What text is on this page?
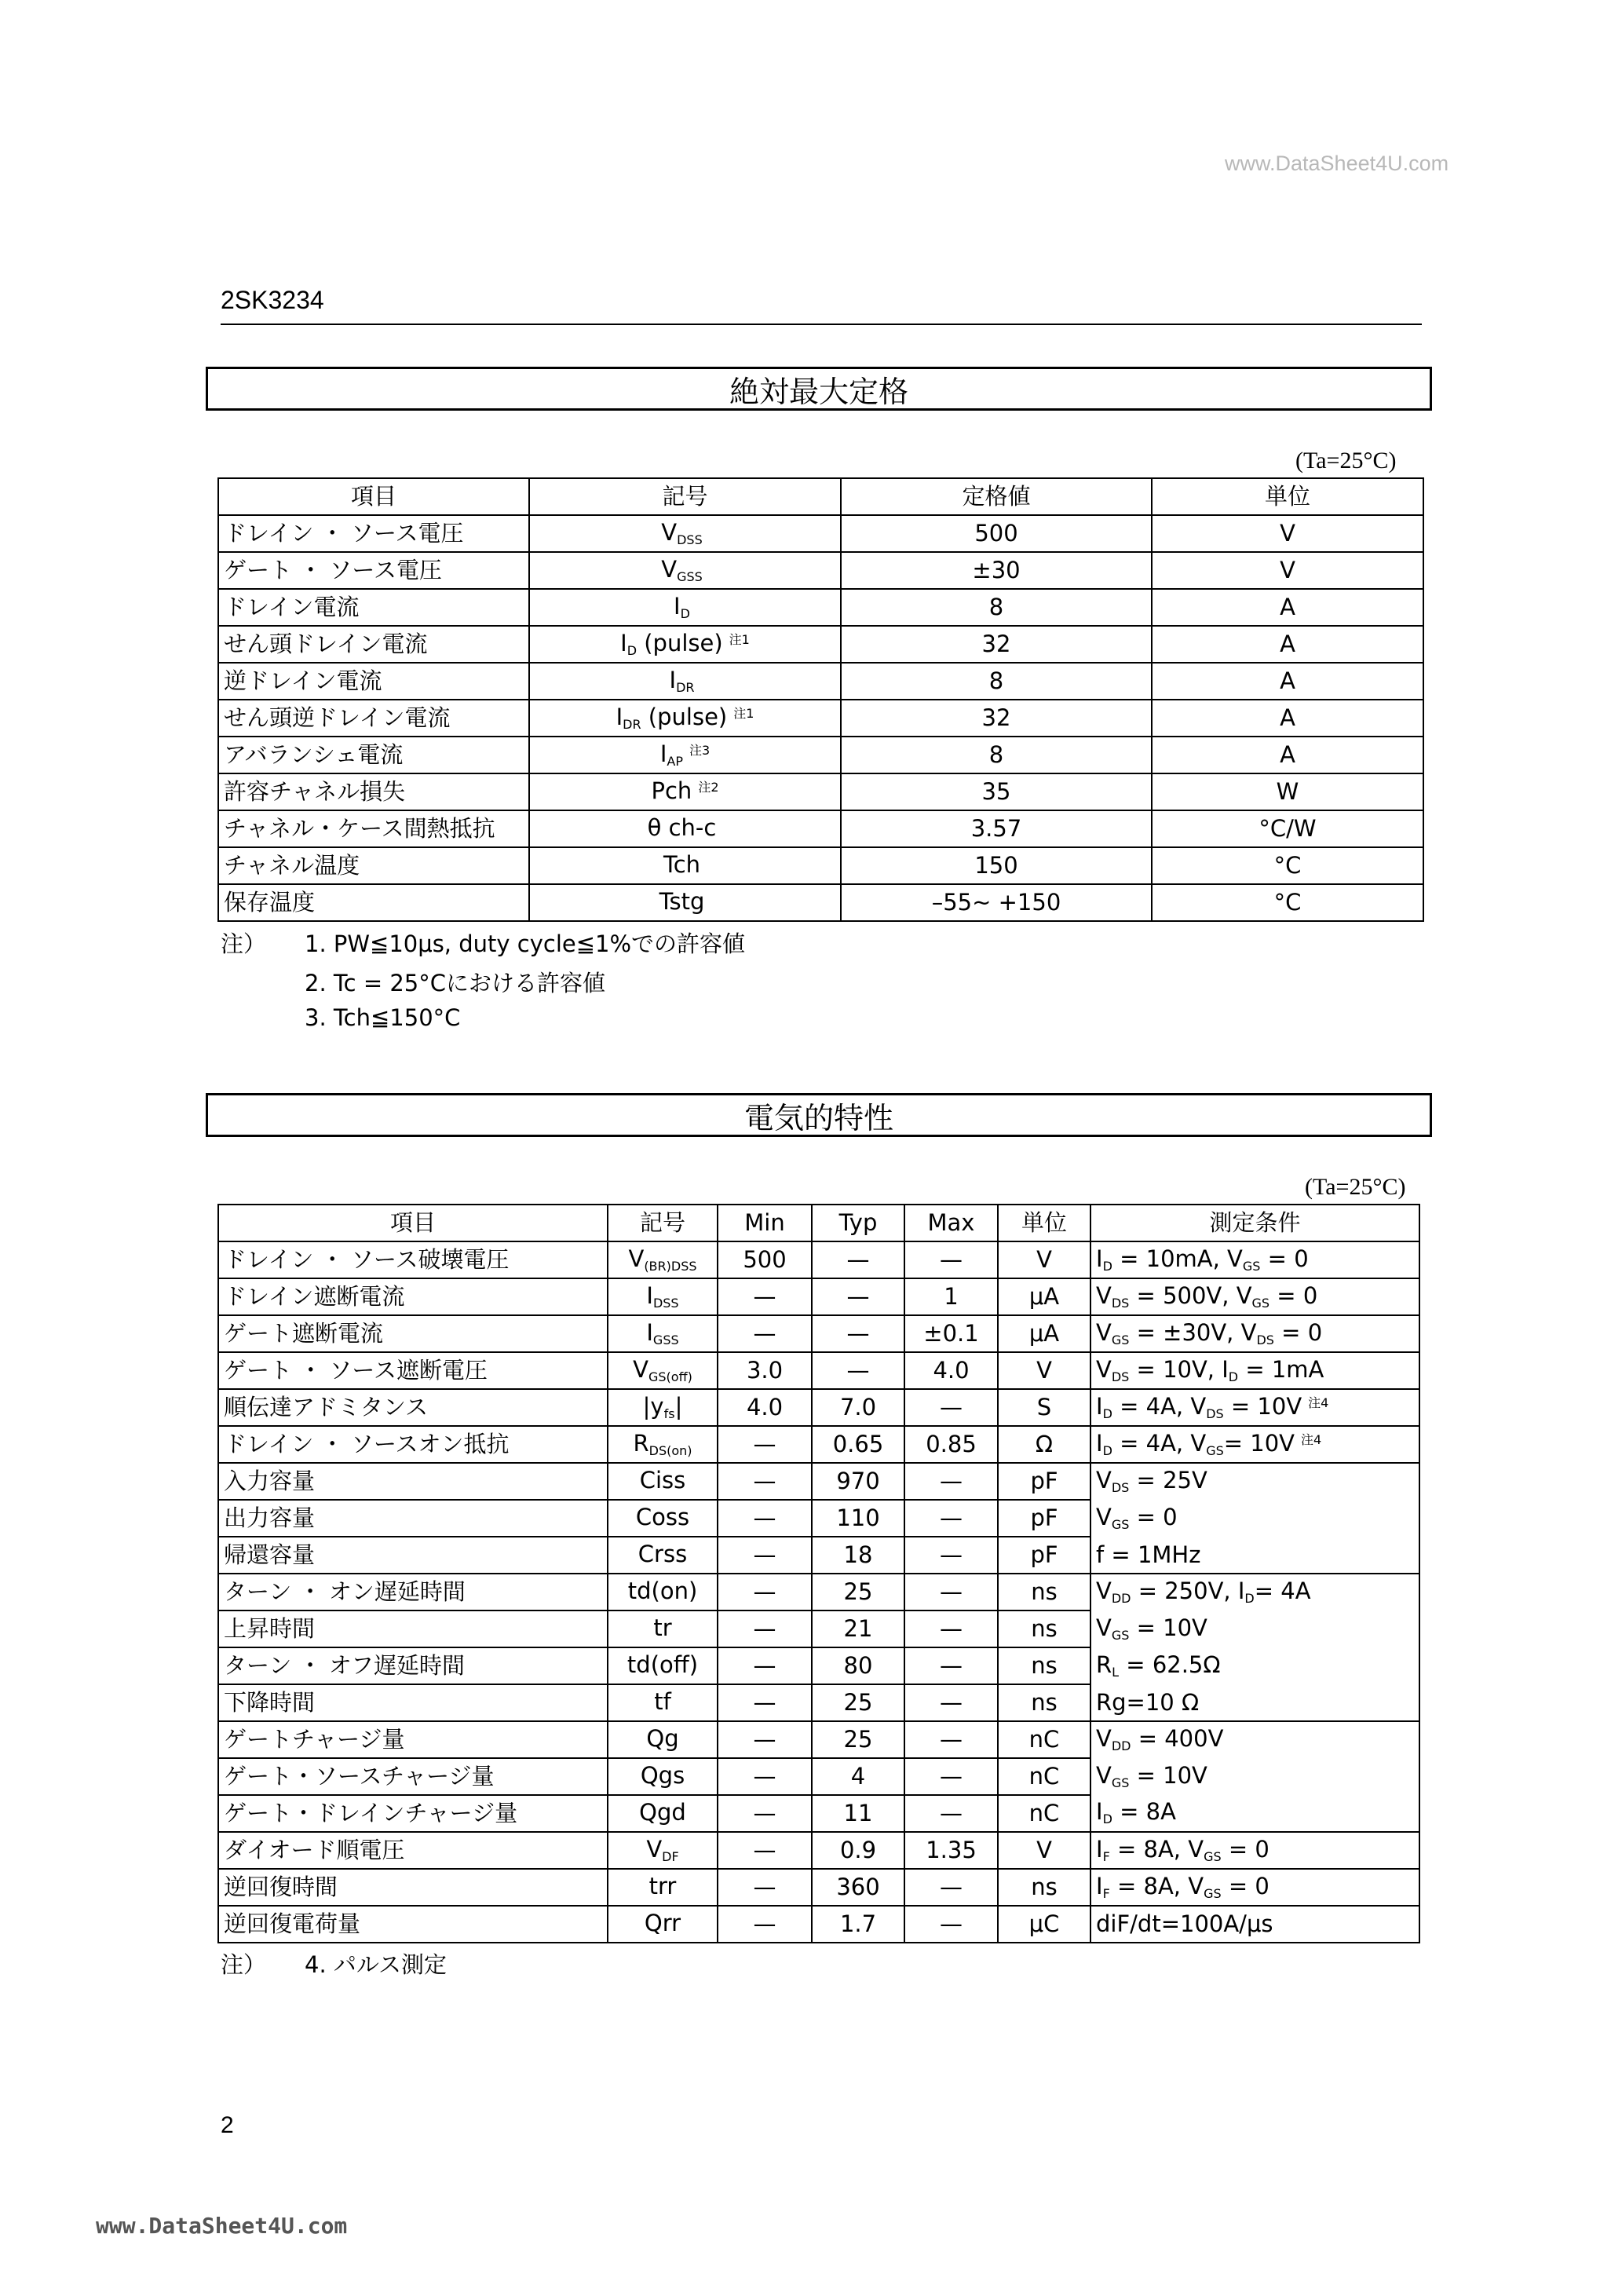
www.DataSheet4U.com
2SK3234
絶対最大定格
(Ta=25°C)
項目	記号	定格値	単位
ドレイン ・ ソース電圧	$V_{DSS}$	500	V
ゲート ・ ソース電圧	$V_{GSS}$	±30	V
ドレイン電流	$I_D$	8	A
せん頭ドレイン電流	$I_D$ (pulse) $^{注1}$	32	A
逆ドレイン電流	$I_{DR}$	8	A
せん頭逆ドレイン電流	$I_{DR}$ (pulse) $^{注1}$	32	A
アバランシェ電流	$I_{AP}^{注3}$	8	A
許容チャネル損失	Pch $^{注2}$	35	W
チャネル・ケース間熱抵抗	θ ch-c	3.57	°C/W
チャネル温度	Tch	150	°C
保存温度	Tstg	–55~ +150	°C
注） 1. PW≦10μs, duty cycle≦1%での許容値
2. Tc = 25°Cにおける許容値
3. Tch≦150°C
電気的特性
(Ta=25°C)
項目	記号	Min	Typ	Max	単位	測定条件
ドレイン ・ ソース破壊電圧	$V_{(BR)DSS}$	500	—	—	V	$I_D = 10mA$, $V_{GS} = 0$
ドレイン遮断電流	$I_{DSS}$	—	—	1	μA	$V_{DS} = 500V$, $V_{GS} = 0$
ゲート遮断電流	$I_{GSS}$	—	—	±0.1	μA	$V_{GS} = \pm 30V$, $V_{DS} = 0$
ゲート ・ ソース遮断電圧	$V_{GS(off)}$	3.0	—	4.0	V	$V_{DS} = 10V$, $I_D = 1mA$
順伝達アドミタンス	$|y_{fs}|$	4.0	7.0	—	S	$I_D = 4A$, $V_{DS} = 10V$ $^{注4}$
ドレイン ・ ソースオン抵抗	$R_{DS(on)}$	—	0.65	0.85	Ω	$I_D = 4A$, $V_{GS}= 10V$ $^{注4}$
入力容量	Ciss	—	970	—	pF	$V_{DS} = 25V$
出力容量	Coss	—	110	—	pF	$V_{GS} = 0$
帰還容量	Crss	—	18	—	pF	f = 1MHz
ターン ・ オン遅延時間	td(on)	—	25	—	ns	$V_{DD} = 250V$, $I_D= 4A$
上昇時間	tr	—	21	—	ns	$V_{GS} = 10V$
ターン ・ オフ遅延時間	td(off)	—	80	—	ns	$R_L = 62.5\Omega$
下降時間	tf	—	25	—	ns	Rg=10 Ω
ゲートチャージ量	Qg	—	25	—	nC	$V_{DD} = 400V$
ゲート・ソースチャージ量	Qgs	—	4	—	nC	$V_{GS} = 10V$
ゲート・ドレインチャージ量	Qgd	—	11	—	nC	$I_D = 8A$
ダイオード順電圧	$V_{DF}$	—	0.9	1.35	V	$I_F = 8A$, $V_{GS} = 0$
逆回復時間	trr	—	360	—	ns	$I_F = 8A$, $V_{GS} = 0$
逆回復電荷量	Qrr	—	1.7	—	μC	diF/dt=100A/μs
注） 4. パルス測定
2
www.DataSheet4U.com
